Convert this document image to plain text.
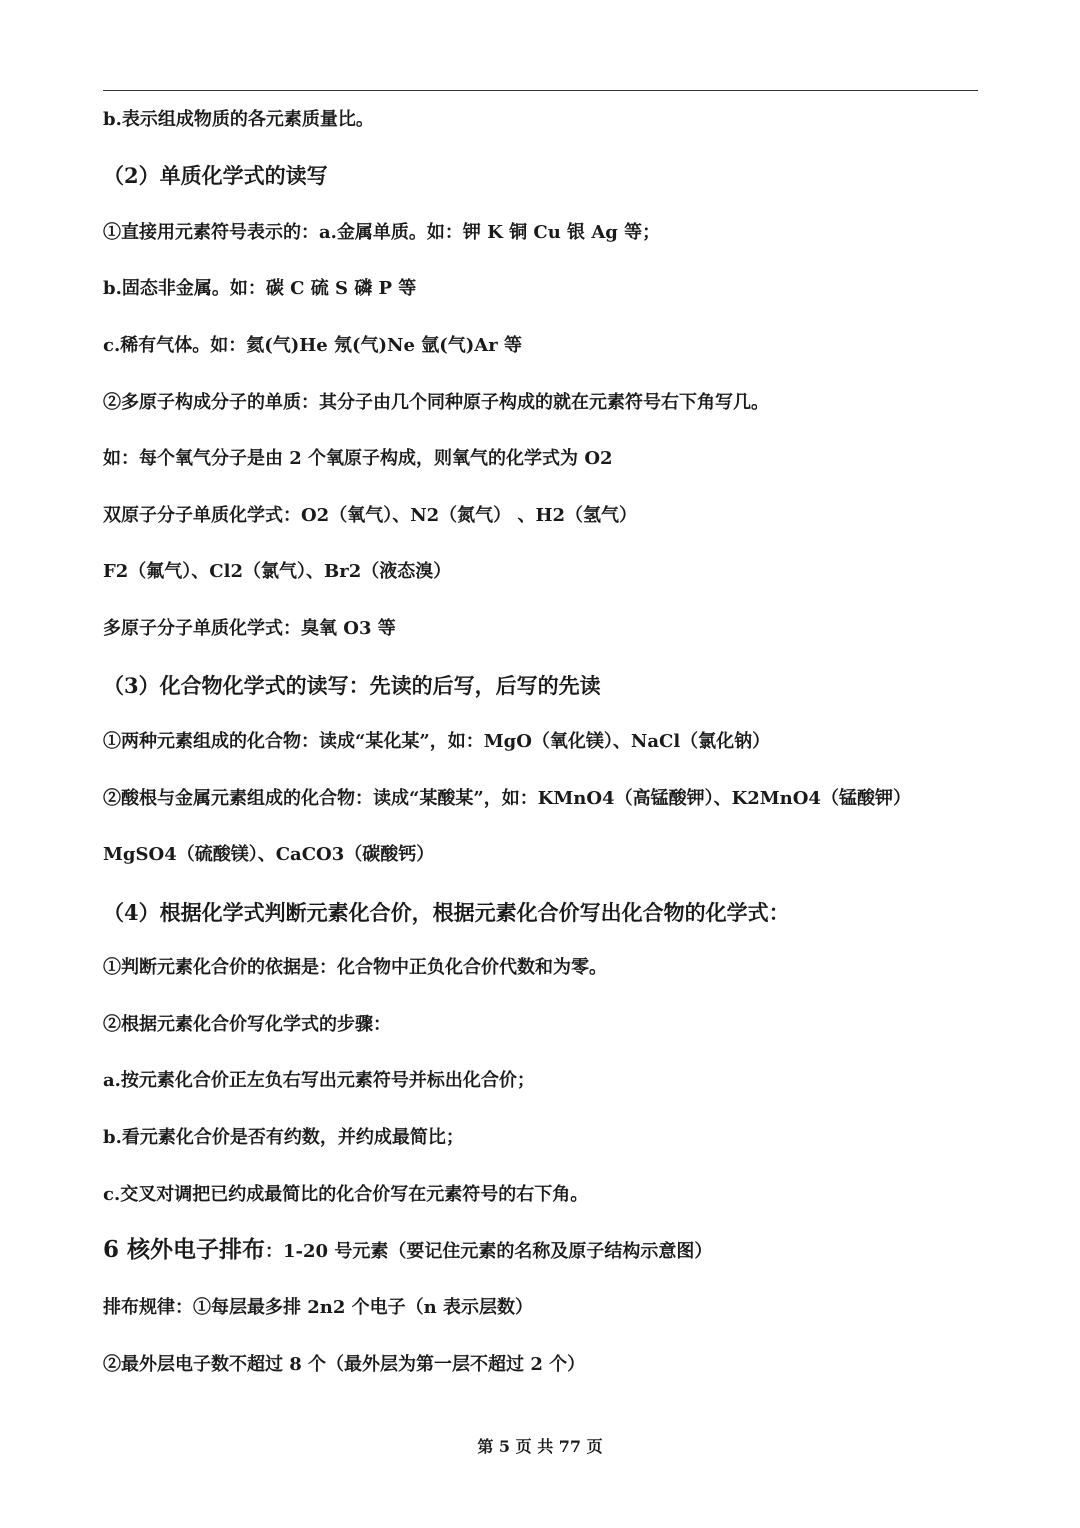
b.表示组成物质的各元素质量比。
（2）单质化学式的读写
①直接用元素符号表示的：a.金属单质。如：钾 K 铜 Cu 银 Ag 等；
b.固态非金属。如：碳 C 硫 S 磷 P 等
c.稀有气体。如：氦(气)He 氖(气)Ne 氩(气)Ar 等
②多原子构成分子的单质：其分子由几个同种原子构成的就在元素符号右下角写几。
如：每个氧气分子是由 2 个氧原子构成，则氧气的化学式为 O2
双原子分子单质化学式：O2（氧气）、N2（氮气） 、H2（氢气）
F2（氟气）、Cl2（氯气）、Br2（液态溴）
多原子分子单质化学式：臭氧 O3 等
（3）化合物化学式的读写：先读的后写，后写的先读
①两种元素组成的化合物：读成“某化某”，如：MgO（氧化镁）、NaCl（氯化钠）
②酸根与金属元素组成的化合物：读成“某酸某”，如：KMnO4（高锰酸钾）、K2MnO4（锰酸钾）
MgSO4（硫酸镁）、CaCO3（碳酸钙）
（4）根据化学式判断元素化合价，根据元素化合价写出化合物的化学式：
①判断元素化合价的依据是：化合物中正负化合价代数和为零。
②根据元素化合价写化学式的步骤：
a.按元素化合价正左负右写出元素符号并标出化合价；
b.看元素化合价是否有约数，并约成最简比；
c.交叉对调把已约成最简比的化合价写在元素符号的右下角。
6 核外电子排布：1-20 号元素（要记住元素的名称及原子结构示意图）
排布规律：①每层最多排 2n2 个电子（n 表示层数）
②最外层电子数不超过 8 个（最外层为第一层不超过 2 个）
第 5 页 共 77 页
